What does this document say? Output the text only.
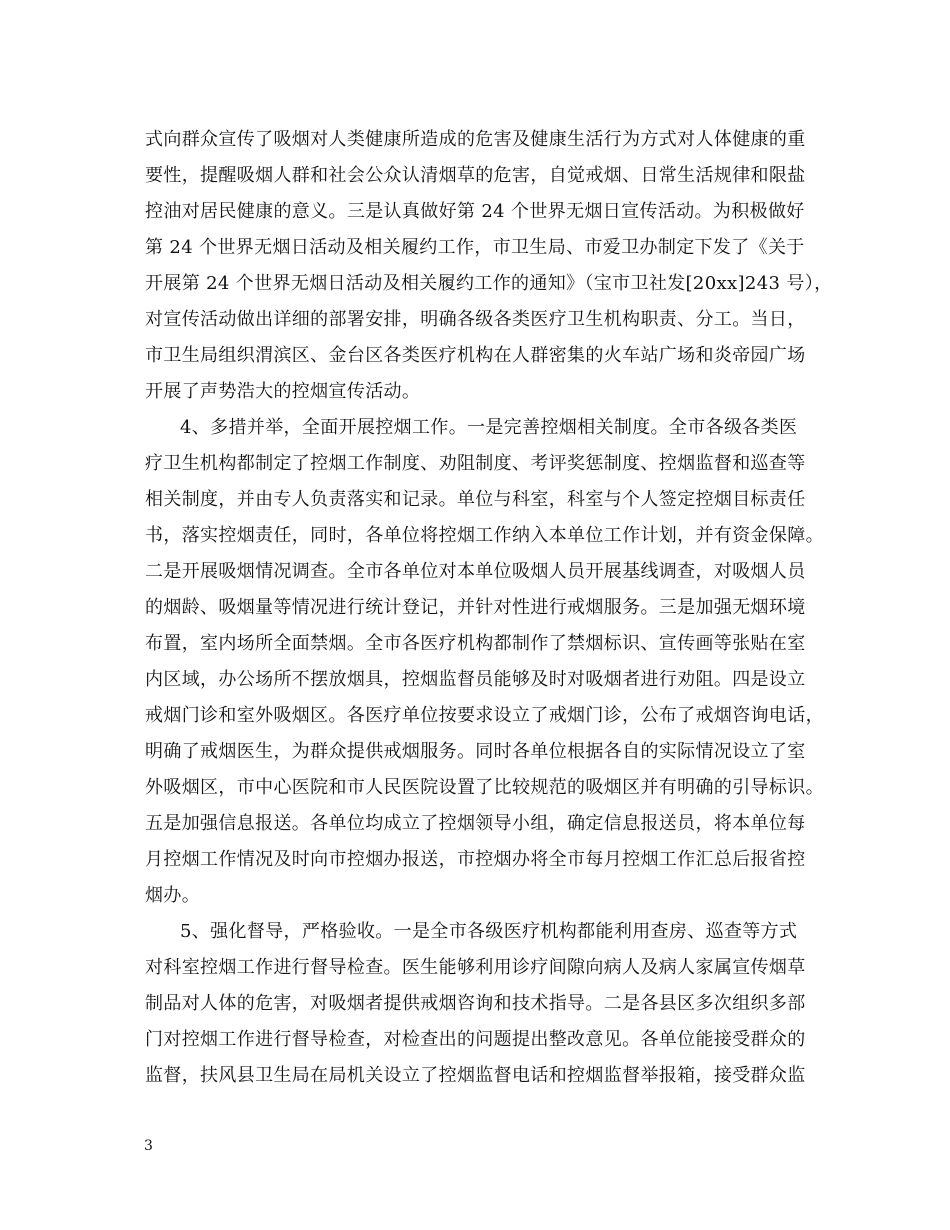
式向群众宣传了吸烟对人类健康所造成的危害及健康生活行为方式对人体健康的重
要性，提醒吸烟人群和社会公众认清烟草的危害，自觉戒烟、日常生活规律和限盐
控油对居民健康的意义。三是认真做好第 24 个世界无烟日宣传活动。为积极做好
第 24 个世界无烟日活动及相关履约工作，市卫生局、市爱卫办制定下发了《关于
开展第 24 个世界无烟日活动及相关履约工作的通知》（宝市卫社发[20xx]243 号），
对宣传活动做出详细的部署安排，明确各级各类医疗卫生机构职责、分工。当日，
市卫生局组织渭滨区、金台区各类医疗机构在人群密集的火车站广场和炎帝园广场
开展了声势浩大的控烟宣传活动。
4、多措并举，全面开展控烟工作。一是完善控烟相关制度。全市各级各类医
疗卫生机构都制定了控烟工作制度、劝阻制度、考评奖惩制度、控烟监督和巡查等
相关制度，并由专人负责落实和记录。单位与科室，科室与个人签定控烟目标责任
书，落实控烟责任，同时，各单位将控烟工作纳入本单位工作计划，并有资金保障。
二是开展吸烟情况调查。全市各单位对本单位吸烟人员开展基线调查，对吸烟人员
的烟龄、吸烟量等情况进行统计登记，并针对性进行戒烟服务。三是加强无烟环境
布置，室内场所全面禁烟。全市各医疗机构都制作了禁烟标识、宣传画等张贴在室
内区域，办公场所不摆放烟具，控烟监督员能够及时对吸烟者进行劝阻。四是设立
戒烟门诊和室外吸烟区。各医疗单位按要求设立了戒烟门诊，公布了戒烟咨询电话，
明确了戒烟医生，为群众提供戒烟服务。同时各单位根据各自的实际情况设立了室
外吸烟区，市中心医院和市人民医院设置了比较规范的吸烟区并有明确的引导标识。
五是加强信息报送。各单位均成立了控烟领导小组，确定信息报送员，将本单位每
月控烟工作情况及时向市控烟办报送，市控烟办将全市每月控烟工作汇总后报省控
烟办。
5、强化督导，严格验收。一是全市各级医疗机构都能利用查房、巡查等方式
对科室控烟工作进行督导检查。医生能够利用诊疗间隙向病人及病人家属宣传烟草
制品对人体的危害，对吸烟者提供戒烟咨询和技术指导。二是各县区多次组织多部
门对控烟工作进行督导检查，对检查出的问题提出整改意见。各单位能接受群众的
监督，扶风县卫生局在局机关设立了控烟监督电话和控烟监督举报箱，接受群众监
3
